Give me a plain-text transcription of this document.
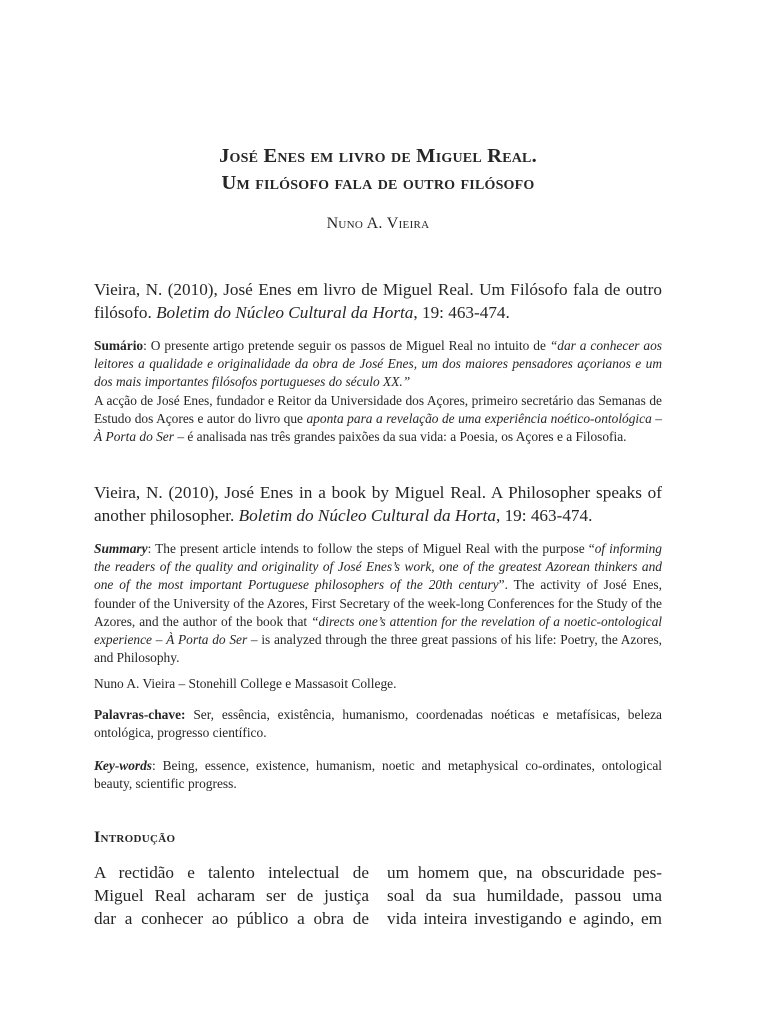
José Enes em livro de Miguel Real.
Um filósofo fala de outro filósofo
Nuno A. Vieira

Vieira, N. (2010), José Enes em livro de Miguel Real. Um Filósofo fala de outro filósofo. Boletim do Núcleo Cultural da Horta, 19: 463-474.

Sumário: O presente artigo pretende seguir os passos de Miguel Real no intuito de “dar a conhecer aos leitores a qualidade e originalidade da obra de José Enes, um dos maiores pensadores açorianos e um dos mais importantes filósofos portugueses do século XX.”
A acção de José Enes, fundador e Reitor da Universidade dos Açores, primeiro secretário das Semanas de Estudo dos Açores e autor do livro que aponta para a revelação de uma experiência noético-ontológica – À Porta do Ser – é analisada nas três grandes paixões da sua vida: a Poesia, os Açores e a Filosofia.

Vieira, N. (2010), José Enes in a book by Miguel Real. A Philosopher speaks of another philosopher. Boletim do Núcleo Cultural da Horta, 19: 463-474.

Summary: The present article intends to follow the steps of Miguel Real with the purpose “of informing the readers of the quality and originality of José Enes’s work, one of the greatest Azorean thinkers and one of the most important Portuguese philosophers of the 20th century”. The activity of José Enes, founder of the University of the Azores, First Secretary of the week-long Conferences for the Study of the Azores, and the author of the book that “directs one’s attention for the revelation of a noetic-ontological experience – À Porta do Ser – is analyzed through the three great passions of his life: Poetry, the Azores, and Philosophy.

Nuno A. Vieira – Stonehill College e Massasoit College.

Palavras-chave: Ser, essência, existência, humanismo, coordenadas noéticas e metafísicas, beleza ontológica, progresso científico.

Key-words: Being, essence, existence, humanism, noetic and metaphysical co-ordinates, ontological beauty, scientific progress.

Introdução
A rectidão e talento intelectual de
Miguel Real acharam ser de justiça
dar a conhecer ao público a obra de
um homem que, na obscuridade pes-
soal da sua humildade, passou uma
vida inteira investigando e agindo, em
